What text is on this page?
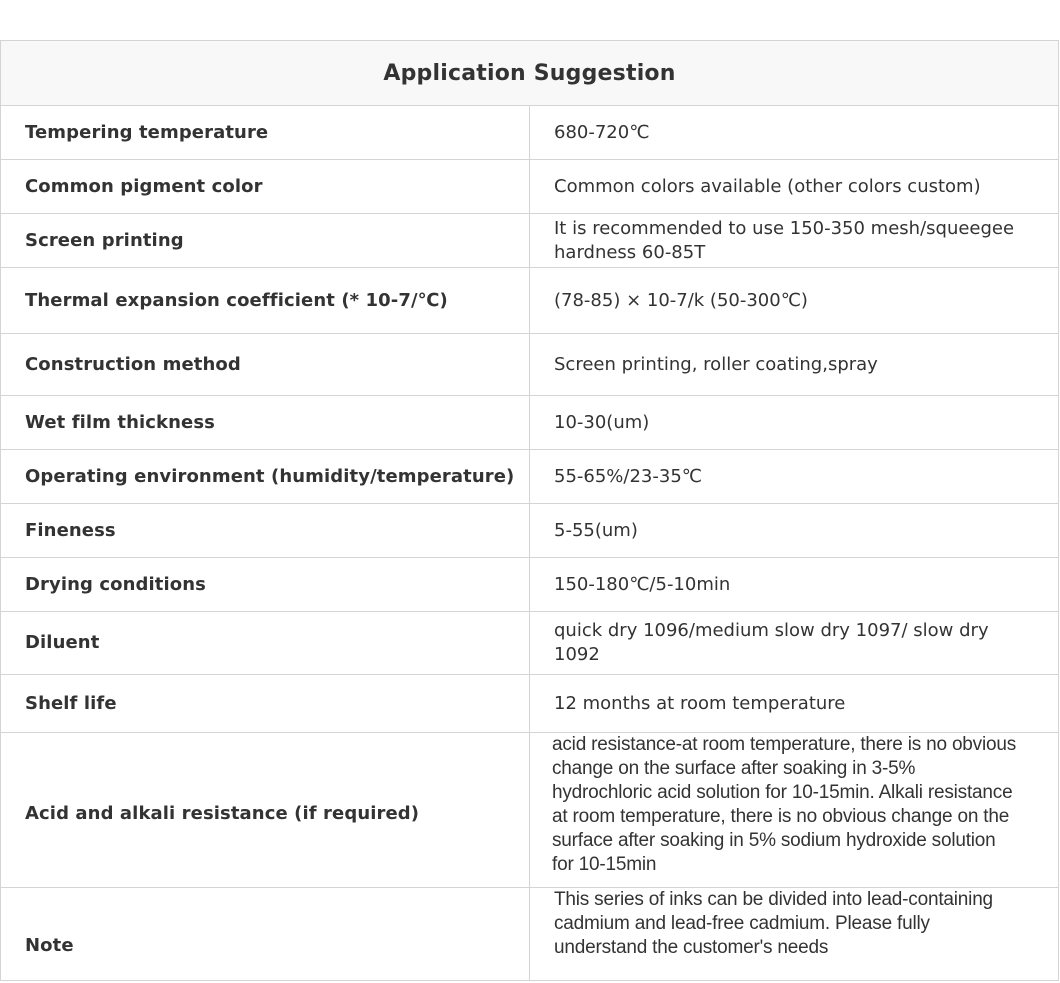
Application Suggestion	
Tempering temperature	680-720℃
Common pigment color	Common colors available (other colors custom)
Screen printing	It is recommended to use 150-350 mesh/squeegee hardness 60-85T
Thermal expansion coefficient (* 10-7/℃)	(78-85) × 10-7/k (50-300℃)
Construction method	Screen printing, roller coating,spray
Wet film thickness	10-30(um)
Operating environment (humidity/temperature)	55-65%/23-35℃
Fineness	5-55(um)
Drying conditions	150-180℃/5-10min
Diluent	quick dry 1096/medium slow dry 1097/ slow dry 1092
Shelf life	12 months at room temperature
Acid and alkali resistance (if required)	acid resistance-at room temperature, there is no obvious change on the surface after soaking in 3-5% hydrochloric acid solution for 10-15min. Alkali resistance at room temperature, there is no obvious change on the surface after soaking in 5% sodium hydroxide solution for 10-15min
Note	This series of inks can be divided into lead-containing cadmium and lead-free cadmium. Please fully understand the customer's needs
